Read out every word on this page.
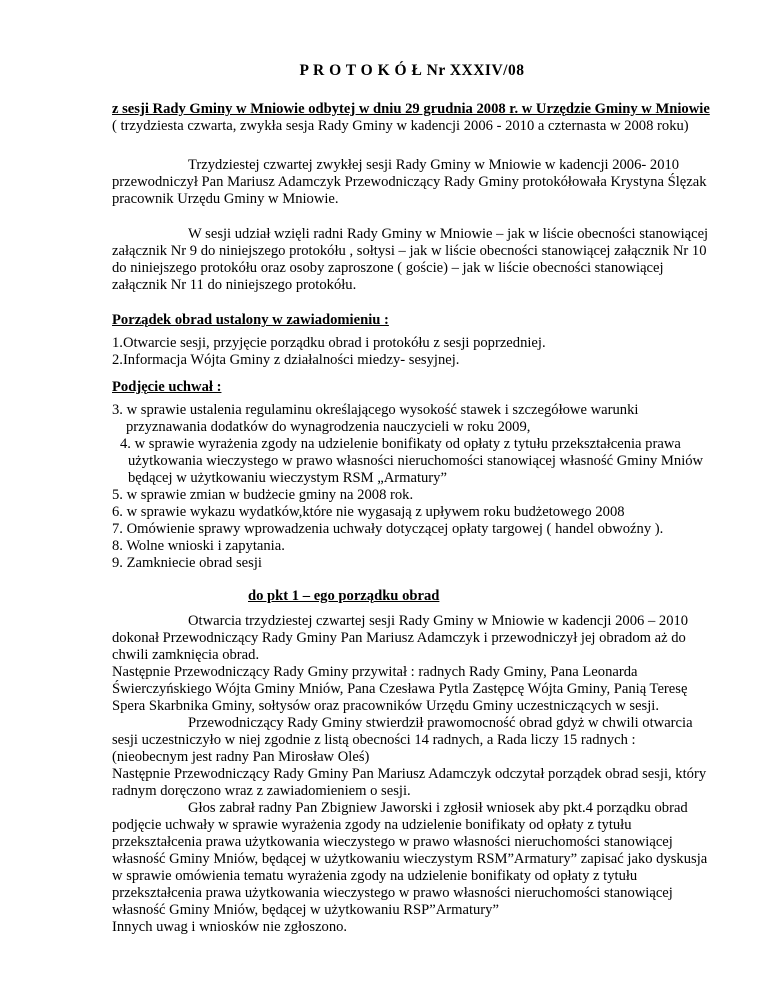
P R O T O K Ó Ł Nr XXXIV/08
z sesji Rady Gminy w Mniowie odbytej w dniu 29 grudnia 2008 r. w Urzędzie Gminy w Mniowie ( trzydziesta czwarta, zwykła sesja Rady Gminy w kadencji 2006 - 2010 a czternasta w 2008 roku)

Trzydziestej czwartej zwykłej sesji Rady Gminy w Mniowie w kadencji 2006- 2010 przewodniczył Pan Mariusz Adamczyk Przewodniczący Rady Gminy protokółowała Krystyna Ślęzak pracownik Urzędu Gminy w Mniowie.

W sesji udział wzięli radni Rady Gminy w Mniowie – jak w liście obecności stanowiącej załącznik Nr 9 do niniejszego protokółu , sołtysi – jak w liście obecności stanowiącej załącznik Nr 10 do niniejszego protokółu oraz osoby zaproszone ( goście) – jak w liście obecności stanowiącej załącznik Nr 11 do niniejszego protokółu.

Porządek obrad ustalony w zawiadomieniu :
1.Otwarcie sesji, przyjęcie porządku obrad i protokółu z sesji poprzedniej.
2.Informacja Wójta Gminy z działalności miedzy- sesyjnej.
Podjęcie uchwał :
3. w sprawie ustalenia regulaminu określającego wysokość stawek i szczegółowe warunki przyznawania dodatków do wynagrodzenia nauczycieli w roku 2009,
4. w sprawie wyrażenia zgody na udzielenie bonifikaty od opłaty z tytułu przekształcenia prawa użytkowania wieczystego w prawo własności nieruchomości stanowiącej własność Gminy Mniów będącej w użytkowaniu wieczystym RSM „Armatury”
5. w sprawie zmian w budżecie gminy na 2008 rok.
6. w sprawie wykazu wydatków,które nie wygasają z upływem roku budżetowego 2008
7. Omówienie sprawy wprowadzenia uchwały dotyczącej opłaty targowej ( handel obwoźny ).
8. Wolne wnioski i zapytania.
9. Zamkniecie obrad sesji
do pkt 1 – ego porządku obrad

Otwarcia trzydziestej czwartej sesji Rady Gminy w Mniowie w kadencji 2006 – 2010 dokonał Przewodniczący Rady Gminy Pan Mariusz Adamczyk i przewodniczył jej obradom aż do chwili zamknięcia obrad.

Następnie Przewodniczący Rady Gminy przywitał : radnych Rady Gminy, Pana Leonarda Świerczyńskiego Wójta Gminy Mniów, Pana Czesława Pytla Zastępcę Wójta Gminy, Panią Teresę Spera Skarbnika Gminy, sołtysów oraz pracowników Urzędu Gminy uczestniczących w sesji.

Przewodniczący Rady Gminy stwierdził prawomocność obrad gdyż w chwili otwarcia sesji uczestniczyło w niej zgodnie z listą obecności 14 radnych, a Rada liczy 15 radnych : (nieobecnym jest radny Pan Mirosław Oleś)

Następnie Przewodniczący Rady Gminy Pan Mariusz Adamczyk odczytał porządek obrad sesji, który radnym doręczono wraz z zawiadomieniem o sesji.

Głos zabrał radny Pan Zbigniew Jaworski i zgłosił wniosek aby pkt.4 porządku obrad podjęcie uchwały w sprawie wyrażenia zgody na udzielenie bonifikaty od opłaty z tytułu przekształcenia prawa użytkowania wieczystego w prawo własności nieruchomości stanowiącej własność Gminy Mniów, będącej w użytkowaniu wieczystym RSM”Armatury” zapisać jako dyskusja w sprawie omówienia tematu wyrażenia zgody na udzielenie bonifikaty od opłaty z tytułu przekształcenia prawa użytkowania wieczystego w prawo własności nieruchomości stanowiącej własność Gminy Mniów, będącej w użytkowaniu RSP”Armatury”

Innych uwag i wniosków nie zgłoszono.
